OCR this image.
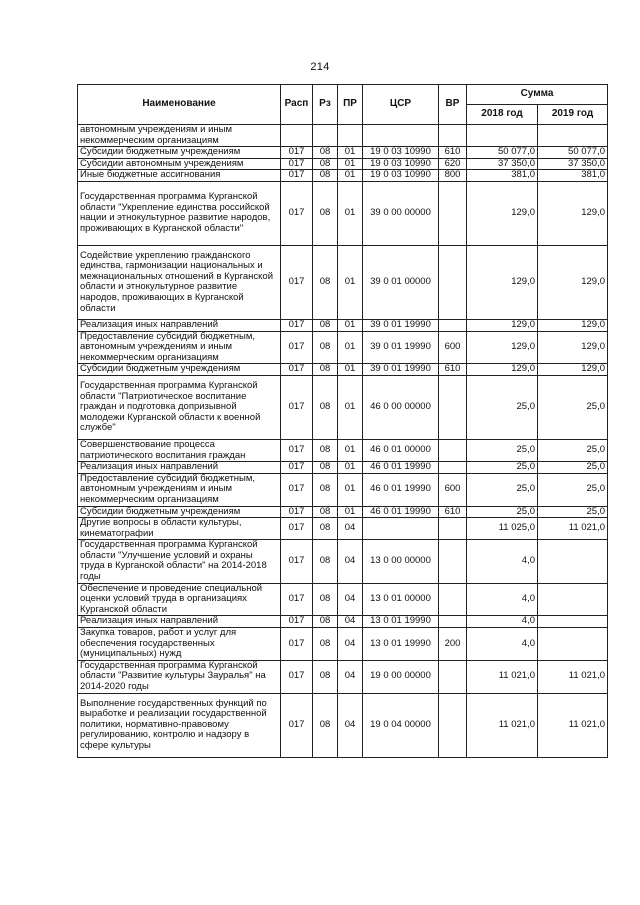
214
Наименование	Расп	Рз	ПР	ЦСР	ВР	Сумма	
						2018 год	2019 год
автономным учреждениям и иным некоммерческим организациям							
Субсидии бюджетным учреждениям	017	08	01	19 0 03 10990	610	50 077,0	50 077,0
Субсидии автономным учреждениям	017	08	01	19 0 03 10990	620	37 350,0	37 350,0
Иные бюджетные ассигнования	017	08	01	19 0 03 10990	800	381,0	381,0
Государственная программа Курганской области "Укрепление единства российской нации и этнокультурное развитие народов, проживающих в Курганской области"	017	08	01	39 0 00 00000		129,0	129,0
Содействие укреплению гражданского единства, гармонизации национальных и межнациональных отношений в Курганской области и этнокультурное развитие народов, проживающих в Курганской области	017	08	01	39 0 01 00000		129,0	129,0
Реализация иных направлений	017	08	01	39 0 01 19990		129,0	129,0
Предоставление субсидий бюджетным, автономным учреждениям и иным некоммерческим организациям	017	08	01	39 0 01 19990	600	129,0	129,0
Субсидии бюджетным учреждениям	017	08	01	39 0 01 19990	610	129,0	129,0
Государственная программа Курганской области "Патриотическое воспитание граждан и подготовка допризывной молодежи Курганской области к военной службе"	017	08	01	46 0 00 00000		25,0	25,0
Совершенствование процесса патриотического воспитания граждан	017	08	01	46 0 01 00000		25,0	25,0
Реализация иных направлений	017	08	01	46 0 01 19990		25,0	25,0
Предоставление субсидий бюджетным, автономным учреждениям и иным некоммерческим организациям	017	08	01	46 0 01 19990	600	25,0	25,0
Субсидии бюджетным учреждениям	017	08	01	46 0 01 19990	610	25,0	25,0
Другие вопросы в области культуры, кинематографии	017	08	04			11 025,0	11 021,0
Государственная программа Курганской области "Улучшение условий и охраны труда в Курганской области" на 2014-2018 годы	017	08	04	13 0 00 00000		4,0	
Обеспечение и проведение специальной оценки условий труда в организациях Курганской области	017	08	04	13 0 01 00000		4,0	
Реализация иных направлений	017	08	04	13 0 01 19990		4,0	
Закупка товаров, работ и услуг для обеспечения государственных (муниципальных) нужд	017	08	04	13 0 01 19990	200	4,0	
Государственная программа Курганской области "Развитие культуры Зауралья" на 2014-2020 годы	017	08	04	19 0 00 00000		11 021,0	11 021,0
Выполнение государственных функций по выработке и реализации государственной политики, нормативно-правовому регулированию, контролю и надзору в сфере культуры	017	08	04	19 0 04 00000		11 021,0	11 021,0
